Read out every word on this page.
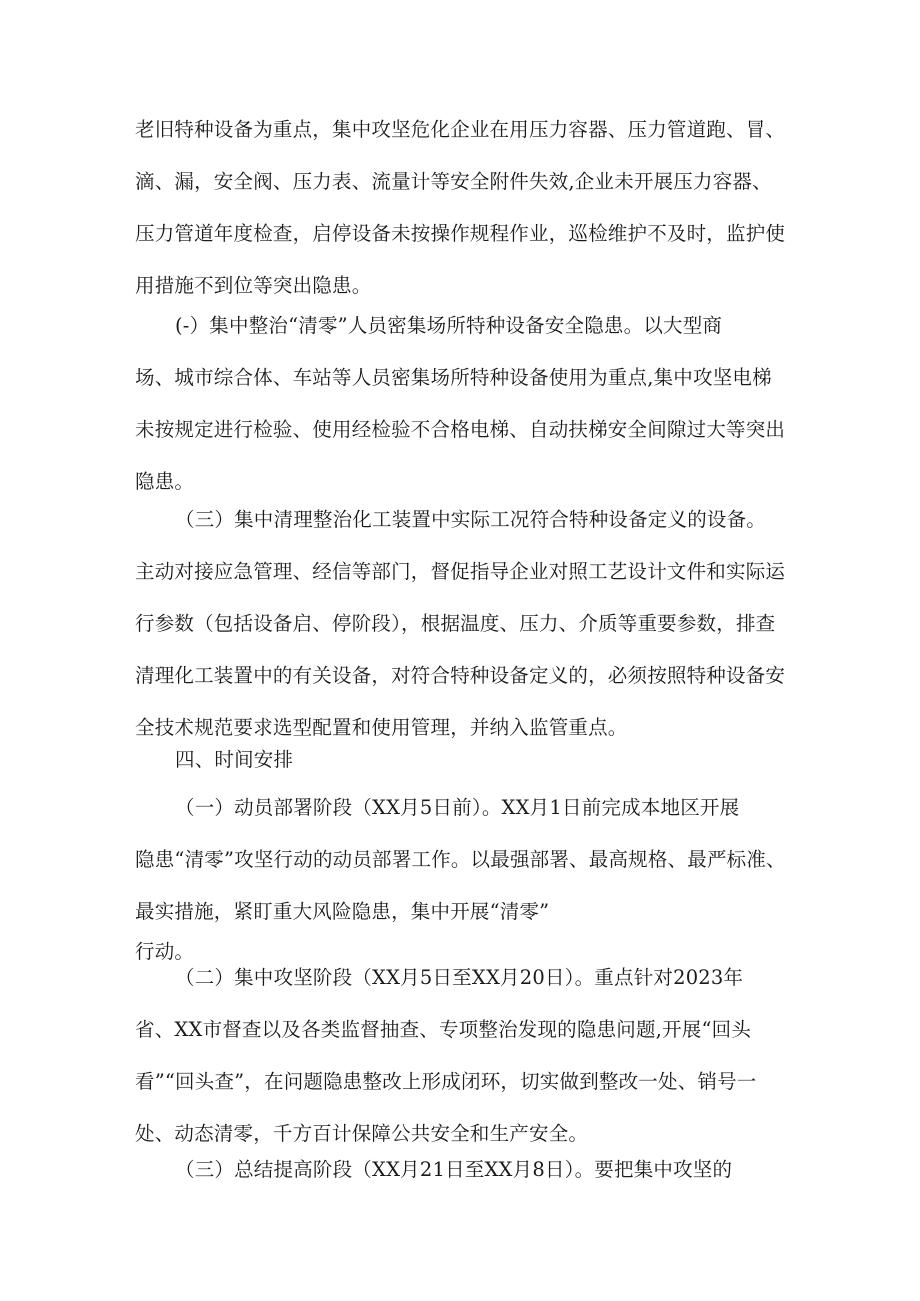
老旧特种设备为重点，集中攻坚危化企业在用压力容器、压力管道跑、冒、
滴、漏，安全阀、压力表、流量计等安全附件失效,企业未开展压力容器、
压力管道年度检查，启停设备未按操作规程作业，巡检维护不及时，监护使
用措施不到位等突出隐患。
(-）集中整治“清零”人员密集场所特种设备安全隐患。以大型商
场、城市综合体、车站等人员密集场所特种设备使用为重点,集中攻坚电梯
未按规定进行检验、使用经检验不合格电梯、自动扶梯安全间隙过大等突出
隐患。
（三）集中清理整治化工装置中实际工况符合特种设备定义的设备。
主动对接应急管理、经信等部门，督促指导企业对照工艺设计文件和实际运
行参数（包括设备启、停阶段），根据温度、压力、介质等重要参数，排查
清理化工装置中的有关设备，对符合特种设备定义的，必须按照特种设备安
全技术规范要求选型配置和使用管理，并纳入监管重点。
四、时间安排
（一）动员部署阶段（XX月5日前）。XX月1日前完成本地区开展
隐患“清零”攻坚行动的动员部署工作。以最强部署、最高规格、最严标准、
最实措施，紧盯重大风险隐患，集中开展“清零”
行动。
（二）集中攻坚阶段（XX月5日至XX月20日）。重点针对2023年
省、XX市督查以及各类监督抽查、专项整治发现的隐患问题,开展“回头
看”“回头查”，在问题隐患整改上形成闭环，切实做到整改一处、销号一
处、动态清零，千方百计保障公共安全和生产安全。
（三）总结提高阶段（XX月21日至XX月8日）。要把集中攻坚的
